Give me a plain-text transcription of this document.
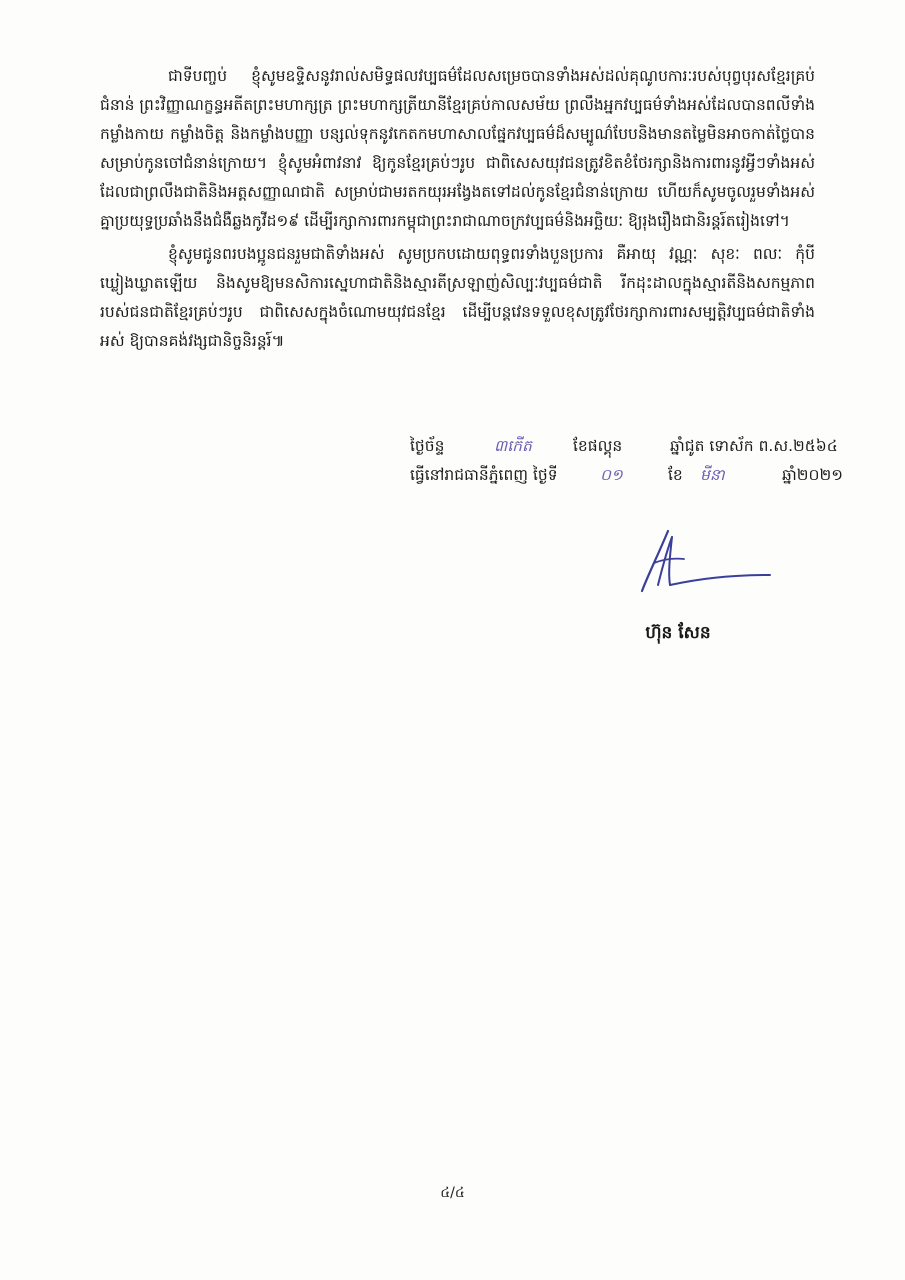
ជាទីបញ្ចប់ ខ្ញុំសូមឧទ្ទិសនូវរាល់សមិទ្ធផលវប្បធម៌ដែលសម្រេចបានទាំងអស់ដល់គុណូបការៈរបស់បុព្វបុរសខ្មែរគ្រប់ជំនាន់ ព្រះវិញ្ញាណក្ខន្ធអតីតព្រះមហាក្សត្រ ព្រះមហាក្សត្រីយានីខ្មែរគ្រប់កាលសម័យ ព្រលឹងអ្នកវប្បធម៌ទាំងអស់ដែលបានពលីទាំងកម្លាំងកាយ កម្លាំងចិត្ត និងកម្លាំងបញ្ញា បន្សល់ទុកនូវកេតកមហាសាលផ្នែកវប្បធម៌ដ៏សម្បូណ៌បែបនិងមានតម្លៃមិនអាចកាត់ថ្លៃបាន សម្រាប់កូនចៅជំនាន់ក្រោយ។ ខ្ញុំសូមអំពាវនាវ ឱ្យកូនខ្មែរគ្រប់ៗរូប ជាពិសេសយុវជនត្រូវខិតខំថែរក្សានិងការពារនូវអ្វីៗទាំងអស់ដែលជាព្រលឹងជាតិនិងអត្តសញ្ញាណជាតិ សម្រាប់ជាមរតកយុរអង្វែងតទៅដល់កូនខ្មែរជំនាន់ក្រោយ ហើយក៏សូមចូលរួមទាំងអស់គ្នាប្រយុទ្ធប្រឆាំងនឹងជំងឺឆ្លងកូវីដ១៩ ដើម្បីរក្សាការពារកម្ពុជាព្រះរាជាណាចក្រវប្បធម៌និងអច្ឆិយៈ ឱ្យរុងរឿងជានិរន្តរ៍តរៀងទៅ។

ខ្ញុំសូមជូនពរបងប្អូនជនរួមជាតិទាំងអស់ សូមប្រកបដោយពុទ្ធពរទាំងបួនប្រការ គឺអាយុ វណ្ណៈ សុខៈ ពលៈ កុំបីឃ្លៀងឃ្លាតឡើយ និងសូមឱ្យមនសិការស្នេហាជាតិនិងស្មារតីស្រឡាញ់សិល្បៈវប្បធម៌ជាតិ រីកដុះដាលក្នុងស្មារតីនិងសកម្មភាពរបស់ជនជាតិខ្មែរគ្រប់ៗរូប ជាពិសេសក្នុងចំណោមយុវជនខ្មែរ ដើម្បីបន្តវេនទទួលខុសត្រូវថែរក្សាការពារសម្បត្តិវប្បធម៌ជាតិទាំងអស់ ឱ្យបានគង់វង្សជានិច្ចនិរន្តរ៍៕

ថ្ងៃច័ន្ទ	៣កើត	ខែផល្គុន	ឆ្នាំជូត ទោស័ក ព.ស.២៥៦៤
ធ្វើនៅរាជធានីភ្នំពេញ ថ្ងៃទី	០១	ខែ មីនា	ឆ្នាំ២០២១
ហ៊ុន សែន
៤/៤
